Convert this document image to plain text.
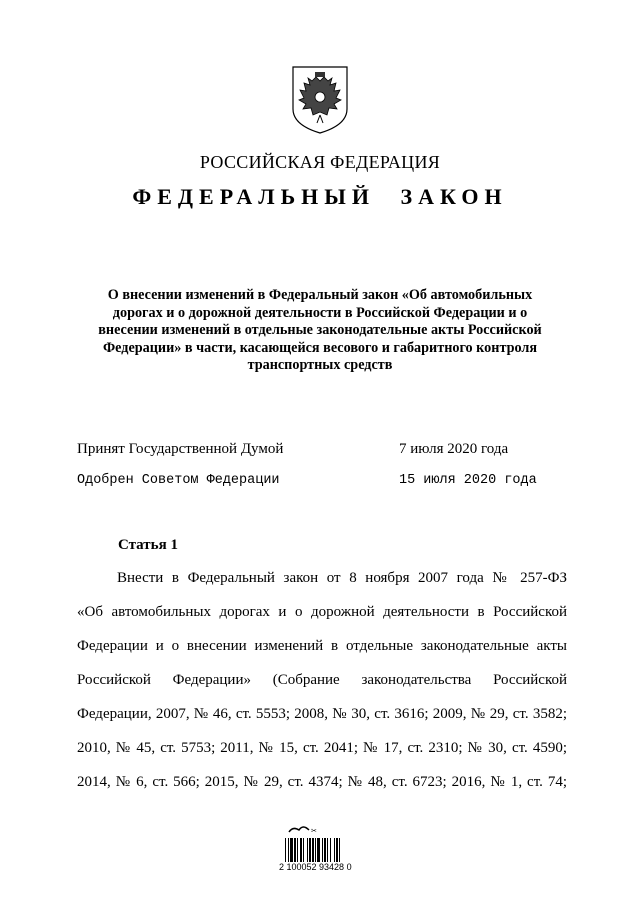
РОССИЙСКАЯ ФЕДЕРАЦИЯ
ФЕДЕРАЛЬНЫЙ ЗАКОН
О внесении изменений в Федеральный закон «Об автомобильных
дорогах и о дорожной деятельности в Российской Федерации и о
внесении изменений в отдельные законодательные акты Российской
Федерации» в части, касающейся весового и габаритного контроля
транспортных средств
Принят Государственной Думой	7 июля 2020 года
Одобрен Советом Федерации	15 июля 2020 года
Статья 1
Внести в Федеральный закон от 8 ноября 2007 года № 257-ФЗ
«Об автомобильных дорогах и о дорожной деятельности в Российской
Федерации и о внесении изменений в отдельные законодательные акты
Российской Федерации» (Собрание законодательства Российской
Федерации, 2007, № 46, ст. 5553; 2008, № 30, ст. 3616; 2009, № 29, ст. 3582;
2010, № 45, ст. 5753; 2011, № 15, ст. 2041; № 17, ст. 2310; № 30, ст. 4590;
2014, № 6, ст. 566; 2015, № 29, ст. 4374; № 48, ст. 6723; 2016, № 1, ст. 74;
✂
2 100052 93428 0
